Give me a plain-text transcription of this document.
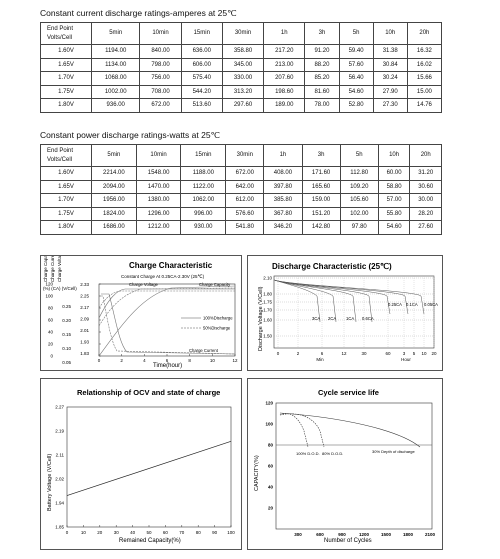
Constant current discharge ratings-amperes at 25℃
End Point
Volts/Cell	5min	10min	15min	30min	1h	3h	5h	10h	20h
1.60V	1194.00	840.00	636.00	358.80	217.20	91.20	59.40	31.38	16.32
1.65V	1134.00	798.00	606.00	345.00	213.00	88.20	57.60	30.84	16.02
1.70V	1068.00	756.00	575.40	330.00	207.60	85.20	56.40	30.24	15.66
1.75V	1002.00	708.00	544.20	313.20	198.60	81.60	54.60	27.90	15.00
1.80V	936.00	672.00	513.60	297.60	189.00	78.00	52.80	27.30	14.76
Constant power discharge ratings-watts at 25℃
End Point
Volts/Cell	5min	10min	15min	30min	1h	3h	5h	10h	20h
1.60V	2214.00	1548.00	1188.00	672.00	408.00	171.60	112.80	60.00	31.20
1.65V	2094.00	1470.00	1122.00	642.00	397.80	165.60	109.20	58.80	30.60
1.70V	1956.00	1380.00	1062.00	612.00	385.80	159.00	105.60	57.00	30.00
1.75V	1824.00	1296.00	996.00	576.60	367.80	151.20	102.00	55.80	28.20
1.80V	1686.00	1212.00	930.00	541.80	346.20	142.80	97.80	54.60	27.60
Charge Capacity Charge Current Charge Voltage
(%) (CA) (V/Cell)
Charge Characteristic
Constant Charge At 0.25CA-2.30V (25℃)
120
100
80
60
40
20
0
0.25
0.20
0.15
0.10
0.05
2.33
2.25
2.17
2.09
2.01
1.93
1.83
0	2	4	6	8	10	12
100%Discharge
50%Discharge
Charge Voltage	Charge Capacity
Charge Current
Time(hour)
Discharge Characteristic (25℃)
Discharge Voltage (V/Cell)
2.10
1.80
1.75
1.70
1.60
1.50
0	2	6	12	30	60	3 5 10 20
Min	Hour
3CA 2CA 1CA 0.6CA
0.25CA 0.1CA 0.05CA
Relationship of OCV and state of charge
Battery Voltage (V/Cell)
Remained Capacity(%)
2.27
2.19
2.11
2.02
1.94
1.85
0	10	20	30	40	50	60	70	80	90 100
Cycle service life
CAPACITY(%)
Number of Cycles
120
100
80
60
40
20
300	600	900	1200	1500	1800	2100
100% D.O.D. 80% D.O.D.	30% Depth of discharge
